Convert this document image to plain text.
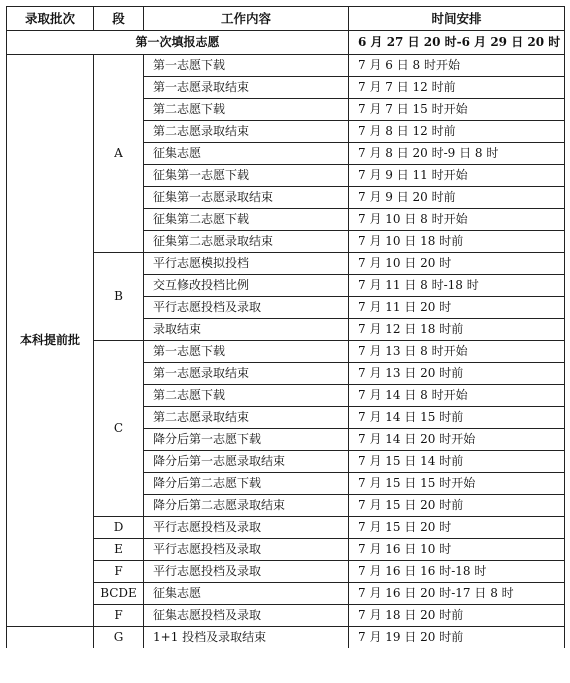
录取批次	段	工作内容	时间安排
第一次填报志愿			6 月 27 日 20 时-6 月 29 日 20 时
本科提前批	A	第一志愿下载	7 月 6 日 8 时开始
		第一志愿录取结束	7 月 7 日 12 时前
		第二志愿下载	7 月 7 日 15 时开始
		第二志愿录取结束	7 月 8 日 12 时前
		征集志愿	7 月 8 日 20 时-9 日 8 时
		征集第一志愿下载	7 月 9 日 11 时开始
		征集第一志愿录取结束	7 月 9 日 20 时前
		征集第二志愿下载	7 月 10 日 8 时开始
		征集第二志愿录取结束	7 月 10 日 18 时前
	B	平行志愿模拟投档	7 月 10 日 20 时
		交互修改投档比例	7 月 11 日 8 时-18 时
		平行志愿投档及录取	7 月 11 日 20 时
		录取结束	7 月 12 日 18 时前
	C	第一志愿下载	7 月 13 日 8 时开始
		第一志愿录取结束	7 月 13 日 20 时前
		第二志愿下载	7 月 14 日 8 时开始
		第二志愿录取结束	7 月 14 日 15 时前
		降分后第一志愿下载	7 月 14 日 20 时开始
		降分后第一志愿录取结束	7 月 15 日 14 时前
		降分后第二志愿下载	7 月 15 日 15 时开始
		降分后第二志愿录取结束	7 月 15 日 20 时前
	D	平行志愿投档及录取	7 月 15 日 20 时
	E	平行志愿投档及录取	7 月 16 日 10 时
	F	平行志愿投档及录取	7 月 16 日 16 时-18 时
	BCDE	征集志愿	7 月 16 日 20 时-17 日 8 时
	F	征集志愿投档及录取	7 月 18 日 20 时前
	G	1+1 投档及录取结束	7 月 19 日 20 时前
